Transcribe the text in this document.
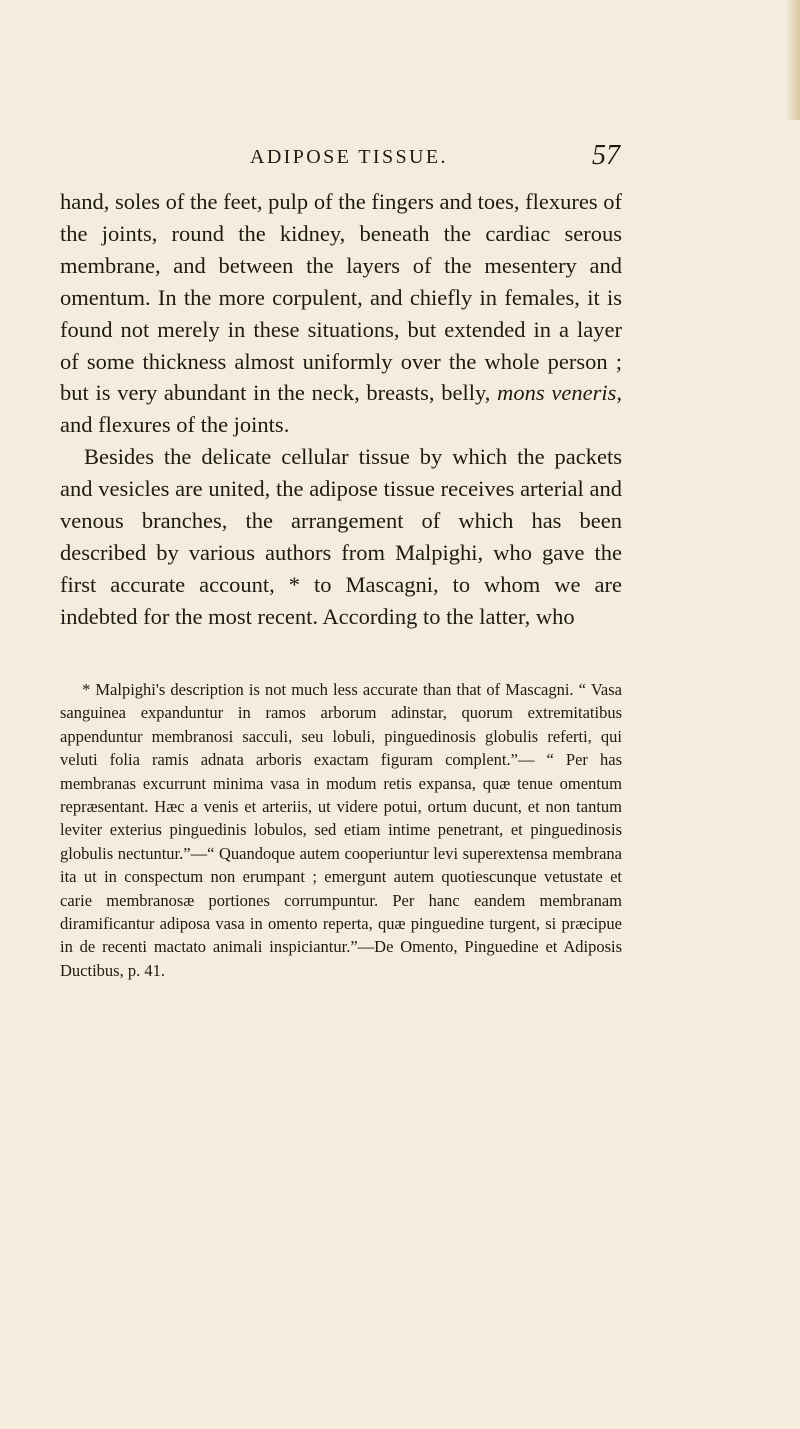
ADIPOSE TISSUE.	57

hand, soles of the feet, pulp of the fingers and toes, flexures of the joints, round the kidney, beneath the cardiac serous membrane, and between the layers of the mesentery and omentum. In the more corpulent, and chiefly in females, it is found not merely in these situations, but extended in a layer of some thickness almost uniformly over the whole person ; but is very abundant in the neck, breasts, belly, mons veneris, and flexures of the joints.

Besides the delicate cellular tissue by which the packets and vesicles are united, the adipose tissue receives arterial and venous branches, the arrangement of which has been described by various authors from Malpighi, who gave the first accurate account, * to Mascagni, to whom we are indebted for the most recent. According to the latter, who

* Malpighi's description is not much less accurate than that of Mascagni. “ Vasa sanguinea expanduntur in ramos arborum adinstar, quorum extremitatibus appenduntur membranosi sacculi, seu lobuli, pinguedinosis globulis referti, qui veluti folia ramis adnata arboris exactam figuram complent.”— “ Per has membranas excurrunt minima vasa in modum retis expansa, quæ tenue omentum repræsentant. Hæc a venis et arteriis, ut videre potui, ortum ducunt, et non tantum leviter exterius pinguedinis lobulos, sed etiam intime penetrant, et pinguedinosis globulis nectuntur.”—“ Quandoque autem cooperiuntur levi superextensa membrana ita ut in conspectum non erumpant ; emergunt autem quotiescunque vetustate et carie membranosæ portiones corrumpuntur. Per hanc eandem membranam diramificantur adiposa vasa in omento reperta, quæ pinguedine turgent, si præcipue in de recenti mactato animali inspiciantur.”—De Omento, Pinguedine et Adiposis Ductibus, p. 41.
